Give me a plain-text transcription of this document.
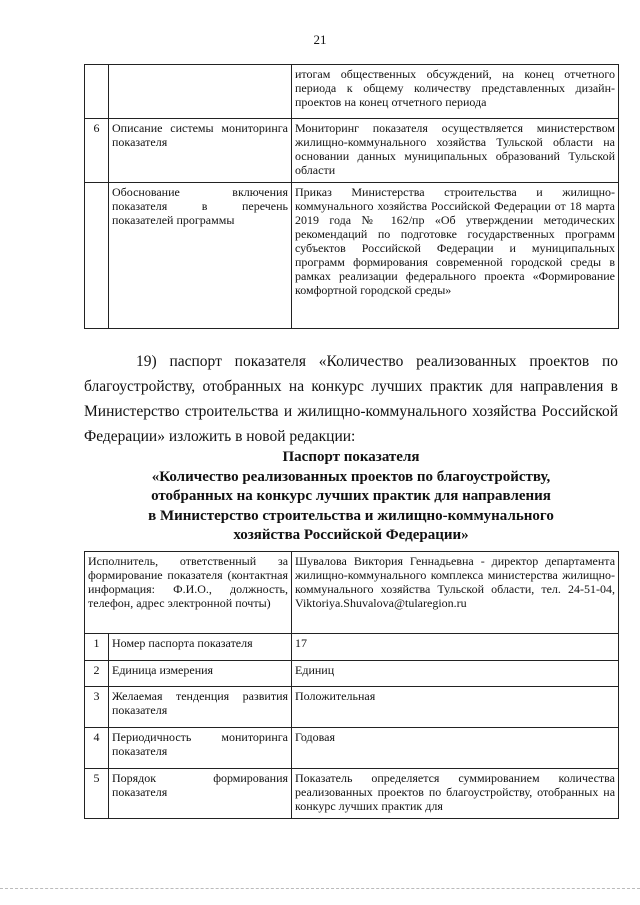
21
		итогам общественных обсуждений, на конец отчетного периода к общему количеству представленных дизайн-проектов на конец отчетного периода
6	Описание системы мониторинга показателя	Мониторинг показателя осуществляется министерством жилищно-коммунального хозяйства Тульской области на основании данных муниципальных образований Тульской области
	Обоснование включения показателя в перечень показателей программы	Приказ Министерства строительства и жилищно-коммунального хозяйства Российской Федерации от 18 марта 2019 года № 162/пр «Об утверждении методических рекомендаций по подготовке государственных программ субъектов Российской Федерации и муниципальных программ формирования современной городской среды в рамках реализации федерального проекта «Формирование комфортной городской среды»
19) паспорт показателя «Количество реализованных проектов по благоустройству, отобранных на конкурс лучших практик для направления в Министерство строительства и жилищно-коммунального хозяйства Российской Федерации» изложить в новой редакции:
Паспорт показателя
«Количество реализованных проектов по благоустройству,
отобранных на конкурс лучших практик для направления
в Министерство строительства и жилищно-коммунального
хозяйства Российской Федерации»
Исполнитель, ответственный за формирование показателя (контактная информация: Ф.И.О., должность, телефон, адрес электронной почты)		Шувалова Виктория Геннадьевна - директор департамента жилищно-коммунального комплекса министерства жилищно-коммунального хозяйства Тульской области, тел. 24-51-04, Viktoriya.Shuvalova@tularegion.ru
1	Номер паспорта показателя	17
2	Единица измерения	Единиц
3	Желаемая тенденция развития показателя	Положительная
4	Периодичность мониторинга показателя	Годовая
5	Порядок формирования показателя	Показатель определяется суммированием количества реализованных проектов по благоустройству, отобранных на конкурс лучших практик для
